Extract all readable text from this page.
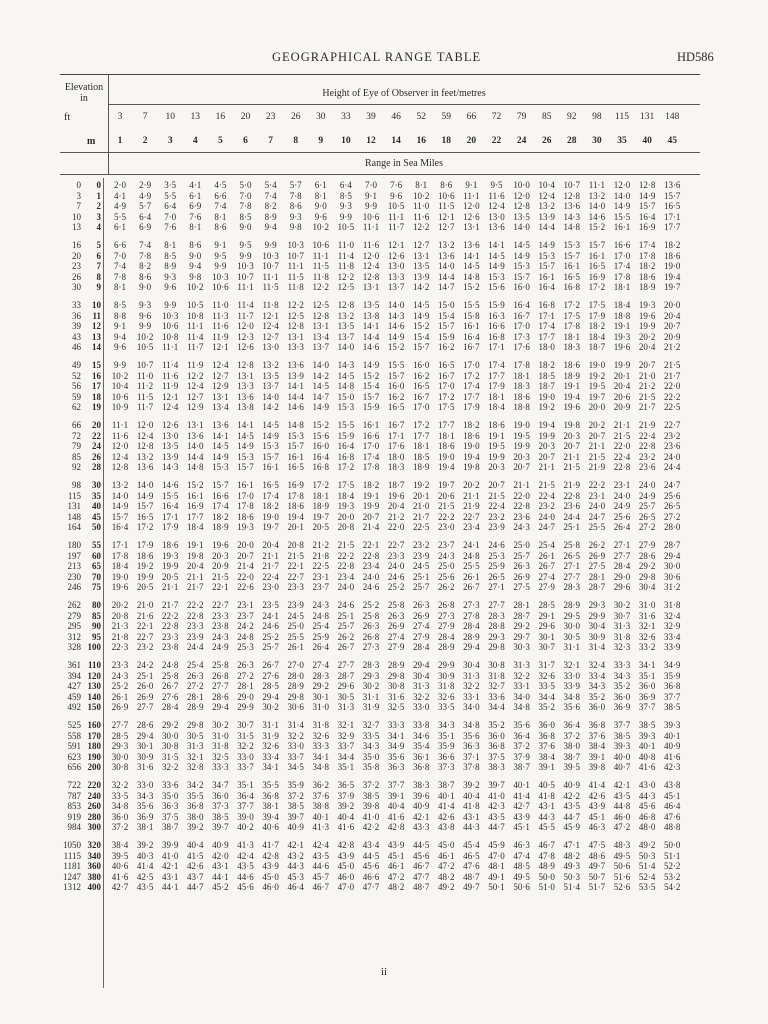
GEOGRAPHICAL RANGE TABLE	HD586
Elevation in	Height of Eye of Observer in feet/metres
ft
m
Range in Sea Miles
3	7	10	13	16	20	23	26	30	33	39	46	52	59	66	72	79	85	92	98	115	131	148
1	2	3	4	5	6	7	8	9	10	12	14	16	18	20	22	24	26	28	30	35	40	45
0	0	2·0	2·9	3·5	4·1	4·5	5·0	5·4	5·7	6·1	6·4	7·0	7·6	8·1	8·6	9·1	9·5	10·0 10·4 10·7 11·1 12·0 12·8 13·6
3	1	4·1	4·9	5·5	6·1	6·6	7·0	7·4	7·8	8·1	8·5	9·1	9·6	10·2 10·6 11·1 11·6 12·0 12·4 12·8 13·2 14·0 14·9 15·7
7	2	4·9	5·7	6·4	6·9	7·4	7·8	8·2	8·6	9·0	9·3	9·9	10·5 11·0 11·5 12·0 12·4 12·8 13·2 13·6 14·0 14·9 15·7 16·5
10	3	5·5	6·4	7·0	7·6	8·1	8·5	8·9	9·3	9·6	9·9	10·6 11·1 11·6 12·1 12·6 13·0 13·5 13·9 14·3 14·6 15·5 16·4 17·1
13	4	6·1	6·9	7·6	8·1	8·6	9·0	9·4	9·8	10·2 10·5 11·1 11·7 12·2 12·7 13·1 13·6 14·0 14·4 14·8 15·2 16·1 16·9 17·7
16	5	6·6	7·4	8·1	8·6	9·1	9·5	9·9	10·3 10·6 11·0 11·6 12·1 12·7 13·2 13·6 14·1 14·5 14·9 15·3 15·7 16·6 17·4 18·2
20	6	7·0	7·8	8·5	9·0	9·5	9·9	10·3 10·7 11·1 11·4 12·0 12·6 13·1 13·6 14·1 14·5 14·9 15·3 15·7 16·1 17·0 17·8 18·6
23	7	7·4	8·2	8·9	9·4	9·9	10·3 10·7 11·1 11·5 11·8 12·4 13·0 13·5 14·0 14·5 14·9 15·3 15·7 16·1 16·5 17·4 18·2 19·0
26	8	7·8	8·6	9·3	9·8	10·3 10·7 11·1 11·5 11·8 12·2 12·8 13·3 13·9 14·4 14·8 15·3 15·7 16·1 16·5 16·9 17·8 18·6 19·4
30	9	8·1	9·0	9·6	10·2 10·6 11·1 11·5 11·8 12·2 12·5 13·1 13·7 14·2 14·7 15·2 15·6 16·0 16·4 16·8 17·2 18·1 18·9 19·7
33	10	8·5	9·3	9·9	10·5 11·0 11·4 11·8 12·2 12·5 12·8 13·5 14·0 14·5 15·0 15·5 15·9 16·4 16·8 17·2 17·5 18·4 19·3 20·0
36	11	8·8	9·6	10·3 10·8 11·3 11·7 12·1 12·5 12·8 13·2 13·8 14·3 14·9 15·4 15·8 16·3 16·7 17·1 17·5 17·9 18·8 19·6 20·4
39	12	9·1	9·9	10·6 11·1 11·6 12·0 12·4 12·8 13·1 13·5 14·1 14·6 15·2 15·7 16·1 16·6 17·0 17·4 17·8 18·2 19·1 19·9 20·7
43	13	9·4	10·2 10·8 11·4 11·9 12·3 12·7 13·1 13·4 13·7 14·4 14·9 15·4 15·9 16·4 16·8 17·3 17·7 18·1 18·4 19·3 20·2 20·9
46	14	9·6	10·5 11·1 11·7 12·1 12·6 13·0 13·3 13·7 14·0 14·6 15·2 15·7 16·2 16·7 17·1 17·6 18·0 18·3 18·7 19·6 20·4 21·2
49	15	9·9	10·7 11·4 11·9 12·4 12·8 13·2 13·6 14·0 14·3 14·9 15·5 16·0 16·5 17·0 17·4 17·8 18·2 18·6 19·0 19·9 20·7 21·5
52	16	10·2 11·0 11·6 12·2 12·7 13·1 13·5 13·9 14·2 14·5 15·2 15·7 16·2 16·7 17·2 17·7 18·1 18·5 18·9 19·2 20·1 21·0 21·7
56	17	10·4 11·2 11·9 12·4 12·9 13·3 13·7 14·1 14·5 14·8 15·4 16·0 16·5 17·0 17·4 17·9 18·3 18·7 19·1 19·5 20·4 21·2 22·0
59	18	10·6 11·5 12·1 12·7 13·1 13·6 14·0 14·4 14·7 15·0 15·7 16·2 16·7 17·2 17·7 18·1 18·6 19·0 19·4 19·7 20·6 21·5 22·2
62	19	10·9 11·7 12·4 12·9 13·4 13·8 14·2 14·6 14·9 15·3 15·9 16·5 17·0 17·5 17·9 18·4 18·8 19·2 19·6 20·0 20·9 21·7 22·5
66	20	11·1 12·0 12·6 13·1 13·6 14·1 14·5 14·8 15·2 15·5 16·1 16·7 17·2 17·7 18·2 18·6 19·0 19·4 19·8 20·2 21·1 21·9 22·7
72	22	11·6 12·4 13·0 13·6 14·1 14·5 14·9 15·3 15·6 15·9 16·6 17·1 17·7 18·1 18·6 19·1 19·5 19·9 20·3 20·7 21·5 22·4 23·2
79	24	12·0 12·8 13·5 14·0 14·5 14·9 15·3 15·7 16·0 16·4 17·0 17·6 18·1 18·6 19·0 19·5 19·9 20·3 20·7 21·1 22·0 22·8 23·6
85	26	12·4 13·2 13·9 14·4 14·9 15·3 15·7 16·1 16·4 16·8 17·4 18·0 18·5 19·0 19·4 19·9 20·3 20·7 21·1 21·5 22·4 23·2 24·0
92	28	12·8 13·6 14·3 14·8 15·3 15·7 16·1 16·5 16·8 17·2 17·8 18·3 18·9 19·4 19·8 20·3 20·7 21·1 21·5 21·9 22·8 23·6 24·4
98	30	13·2 14·0 14·6 15·2 15·7 16·1 16·5 16·9 17·2 17·5 18·2 18·7 19·2 19·7 20·2 20·7 21·1 21·5 21·9 22·2 23·1 24·0 24·7
115	35	14·0 14·9 15·5 16·1 16·6 17·0 17·4 17·8 18·1 18·4 19·1 19·6 20·1 20·6 21·1 21·5 22·0 22·4 22·8 23·1 24·0 24·9 25·6
131	40	14·9 15·7 16·4 16·9 17·4 17·8 18·2 18·6 18·9 19·3 19·9 20·4 21·0 21·5 21·9 22·4 22·8 23·2 23·6 24·0 24·9 25·7 26·5
148	45	15·7 16·5 17·1 17·7 18·2 18·6 19·0 19·4 19·7 20·0 20·7 21·2 21·7 22·2 22·7 23·2 23·6 24·0 24·4 24·7 25·6 26·5 27·2
164	50	16·4 17·2 17·9 18·4 18·9 19·3 19·7 20·1 20·5 20·8 21·4 22·0 22·5 23·0 23·4 23·9 24·3 24·7 25·1 25·5 26·4 27·2 28·0
180	55	17·1 17·9 18·6 19·1 19·6 20·0 20·4 20·8 21·2 21·5 22·1 22·7 23·2 23·7 24·1 24·6 25·0 25·4 25·8 26·2 27·1 27·9 28·7
197	60	17·8 18·6 19·3 19·8 20·3 20·7 21·1 21·5 21·8 22·2 22·8 23·3 23·9 24·3 24·8 25·3 25·7 26·1 26·5 26·9 27·7 28·6 29·4
213	65	18·4 19·2 19·9 20·4 20·9 21·4 21·7 22·1 22·5 22·8 23·4 24·0 24·5 25·0 25·5 25·9 26·3 26·7 27·1 27·5 28·4 29·2 30·0
230	70	19·0 19·9 20·5 21·1 21·5 22·0 22·4 22·7 23·1 23·4 24·0 24·6 25·1 25·6 26·1 26·5 26·9 27·4 27·7 28·1 29·0 29·8 30·6
246	75	19·6 20·5 21·1 21·7 22·1 22·6 23·0 23·3 23·7 24·0 24·6 25·2 25·7 26·2 26·7 27·1 27·5 27·9 28·3 28·7 29·6 30·4 31·2
262	80	20·2 21·0 21·7 22·2 22·7 23·1 23·5 23·9 24·3 24·6 25·2 25·8 26·3 26·8 27·3 27·7 28·1 28·5 28·9 29·3 30·2 31·0 31·8
279	85	20·8 21·6 22·2 22·8 23·3 23·7 24·1 24·5 24·8 25·1 25·8 26·3 26·9 27·3 27·8 28·3 28·7 29·1 29·5 29·9 30·7 31·6 32·4
295	90	21·3 22·1 22·8 23·3 23·8 24·2 24·6 25·0 25·4 25·7 26·3 26·9 27·4 27·9 28·4 28·8 29·2 29·6 30·0 30·4 31·3 32·1 32·9
312	95	21·8 22·7 23·3 23·9 24·3 24·8 25·2 25·5 25·9 26·2 26·8 27·4 27·9 28·4 28·9 29·3 29·7 30·1 30·5 30·9 31·8 32·6 33·4
328 100	22·3 23·2 23·8 24·4 24·9 25·3 25·7 26·1 26·4 26·7 27·3 27·9 28·4 28·9 29·4 29·8 30·3 30·7 31·1 31·4 32·3 33·2 33·9
361 110	23·3 24·2 24·8 25·4 25·8 26·3 26·7 27·0 27·4 27·7 28·3 28·9 29·4 29·9 30·4 30·8 31·3 31·7 32·1 32·4 33·3 34·1 34·9
394 120	24·3 25·1 25·8 26·3 26·8 27·2 27·6 28·0 28·3 28·7 29·3 29·8 30·4 30·9 31·3 31·8 32·2 32·6 33·0 33·4 34·3 35·1 35·9
427 130	25·2 26·0 26·7 27·2 27·7 28·1 28·5 28·9 29·2 29·6 30·2 30·8 31·3 31·8 32·2 32·7 33·1 33·5 33·9 34·3 35·2 36·0 36·8
459 140	26·1 26·9 27·6 28·1 28·6 29·0 29·4 29·8 30·1 30·5 31·1 31·6 32·2 32·6 33·1 33·6 34·0 34·4 34·8 35·2 36·0 36·9 37·7
492 150	26·9 27·7 28·4 28·9 29·4 29·9 30·2 30·6 31·0 31·3 31·9 32·5 33·0 33·5 34·0 34·4 34·8 35·2 35·6 36·0 36·9 37·7 38·5
525 160	27·7 28·6 29·2 29·8 30·2 30·7 31·1 31·4 31·8 32·1 32·7 33·3 33·8 34·3 34·8 35·2 35·6 36·0 36·4 36·8 37·7 38·5 39·3
558 170	28·5 29·4 30·0 30·5 31·0 31·5 31·9 32·2 32·6 32·9 33·5 34·1 34·6 35·1 35·6 36·0 36·4 36·8 37·2 37·6 38·5 39·3 40·1
591 180	29·3 30·1 30·8 31·3 31·8 32·2 32·6 33·0 33·3 33·7 34·3 34·9 35·4 35·9 36·3 36·8 37·2 37·6 38·0 38·4 39·3 40·1 40·9
623 190	30·0 30·9 31·5 32·1 32·5 33·0 33·4 33·7 34·1 34·4 35·0 35·6 36·1 36·6 37·1 37·5 37·9 38·4 38·7 39·1 40·0 40·8 41·6
656 200	30·8 31·6 32·2 32·8 33·3 33·7 34·1 34·5 34·8 35·1 35·8 36·3 36·8 37·3 37·8 38·3 38·7 39·1 39·5 39·8 40·7 41·6 42·3
722 220	32·2 33·0 33·6 34·2 34·7 35·1 35·5 35·9 36·2 36·5 37·2 37·7 38·3 38·7 39·2 39·7 40·1 40·5 40·9 41·4 42·1 43·0 43·8
787 240	33·5 34·3 35·0 35·5 36·0 36·4 36·8 37·2 37·6 37·9 38·5 39·1 39·6 40·1 40·4 41·0 41·4 41·8 42·2 42·6 43·5 44·3 45·1
853 260	34·8 35·6 36·3 36·8 37·3 37·7 38·1 38·5 38·8 39·2 39·8 40·4 40·9 41·4 41·8 42·3 42·7 43·1 43·5 43·9 44·8 45·6 46·4
919 280	36·0 36·9 37·5 38·0 38·5 39·0 39·4 39·7 40·1 40·4 41·0 41·6 42·1 42·6 43·1 43·5 43·9 44·3 44·7 45·1 46·0 46·8 47·6
984 300	37·2 38·1 38·7 39·2 39·7 40·2 40·6 40·9 41·3 41·6 42·2 42·8 43·3 43·8 44·3 44·7 45·1 45·5 45·9 46·3 47·2 48·0 48·8
1050 320	38·4 39·2 39·9 40·4 40·9 41·3 41·7 42·1 42·4 42·8 43·4 43·9 44·5 45·0 45·4 45·9 46·3 46·7 47·1 47·5 48·3 49·2 50·0
1115 340	39·5 40·3 41·0 41·5 42·0 42·4 42·8 43·2 43·5 43·9 44·5 45·1 45·6 46·1 46·5 47·0 47·4 47·8 48·2 48·6 49·5 50·3 51·1
1181 360	40·6 41·4 42·1 42·6 43·1 43·5 43·9 44·3 44·6 45·0 45·6 46·1 46·7 47·2 47·6 48·1 48·5 48·9 49·3 49·7 50·6 51·4 52·2
1247 380	41·6 42·5 43·1 43·7 44·1 44·6 45·0 45·3 45·7 46·0 46·6 47·2 47·7 48·2 48·7 49·1 49·5 50·0 50·3 50·7 51·6 52·4 53·2
1312 400	42·7 43·5 44·1 44·7 45·2 45·6 46·0 46·4 46·7 47·0 47·7 48·2 48·7 49·2 49·7 50·1 50·6 51·0 51·4 51·7 52·6 53·5 54·2
ii
